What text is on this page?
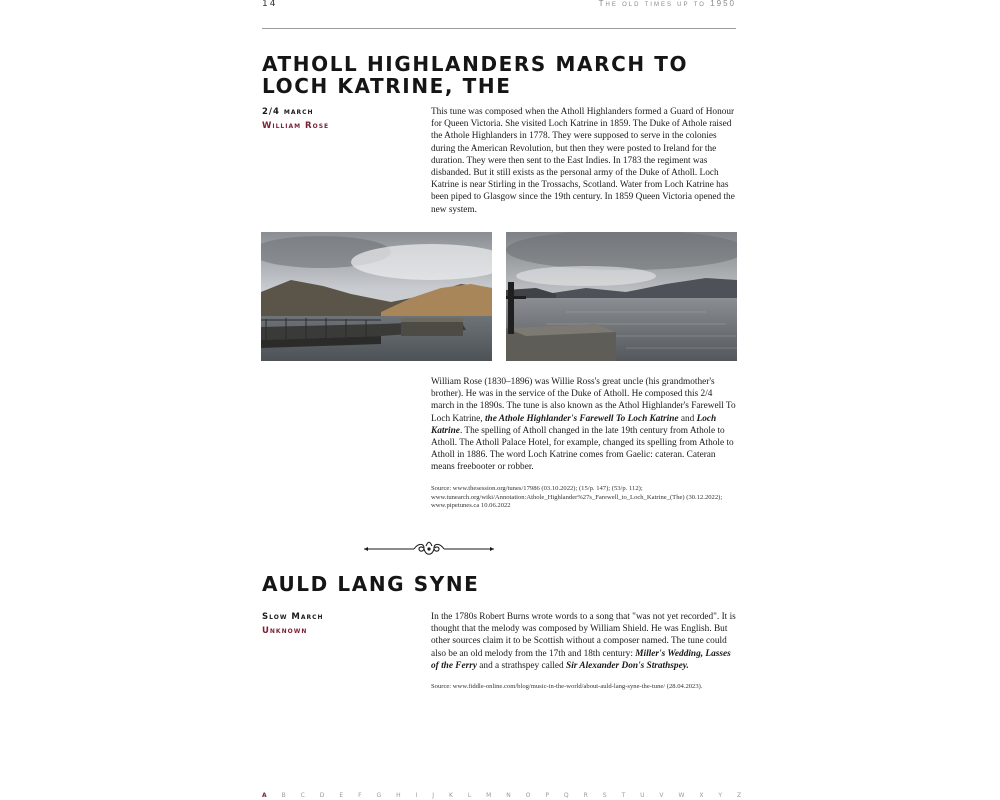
14	The old times up to 1950
ATHOLL HIGHLANDERS MARCH TO LOCH KATRINE, THE
2/4 march
William Rose
This tune was composed when the Atholl Highlanders formed a Guard of Honour for Queen Victoria. She visited Loch Katrine in 1859. The Duke of Athole raised the Athole Highlanders in 1778. They were supposed to serve in the colonies during the American Revolution, but then they were posted to Ireland for the duration. They were then sent to the East Indies. In 1783 the regiment was disbanded. But it still exists as the personal army of the Duke of Atholl. Loch Katrine is near Stirling in the Trossachs, Scotland. Water from Loch Katrine has been piped to Glasgow since the 19th century. In 1859 Queen Victoria opened the new system.
William Rose (1830–1896) was Willie Ross's great uncle (his grandmother's brother). He was in the service of the Duke of Atholl. He composed this 2/4 march in the 1890s. The tune is also known as the Athol Highlander's Farewell To Loch Katrine, the Athole Highlander's Farewell To Loch Katrine and Loch Katrine. The spelling of Atholl changed in the late 19th century from Athole to Atholl. The Atholl Palace Hotel, for example, changed its spelling from Athole to Atholl in 1886. The word Loch Katrine comes from Gaelic: cateran. Cateran means freebooter or robber.
Source: www.thesession.org/tunes/17986 (03.10.2022); (15/p. 147); (53/p. 112); www.tunearch.org/wiki/Annotation:Athole_Highlander%27s_Farewell_to_Loch_Katrine_(The) (30.12.2022); www.pipetunes.ca 10.06.2022
AULD LANG SYNE
Slow March
Unknown
In the 1780s Robert Burns wrote words to a song that "was not yet recorded". It is thought that the melody was composed by William Shield. He was English. But other sources claim it to be Scottish without a composer named. The tune could also be an old melody from the 17th and 18th century: Miller's Wedding, Lasses of the Ferry and a strathspey called Sir Alexander Don's Strathspey.
Source: www.fiddle-online.com/blog/music-in-the-world/about-auld-lang-syne-the-tune/ (28.04.2023).
A B C D E F G H I J K L M N O P Q R S T U V W X Y Z
